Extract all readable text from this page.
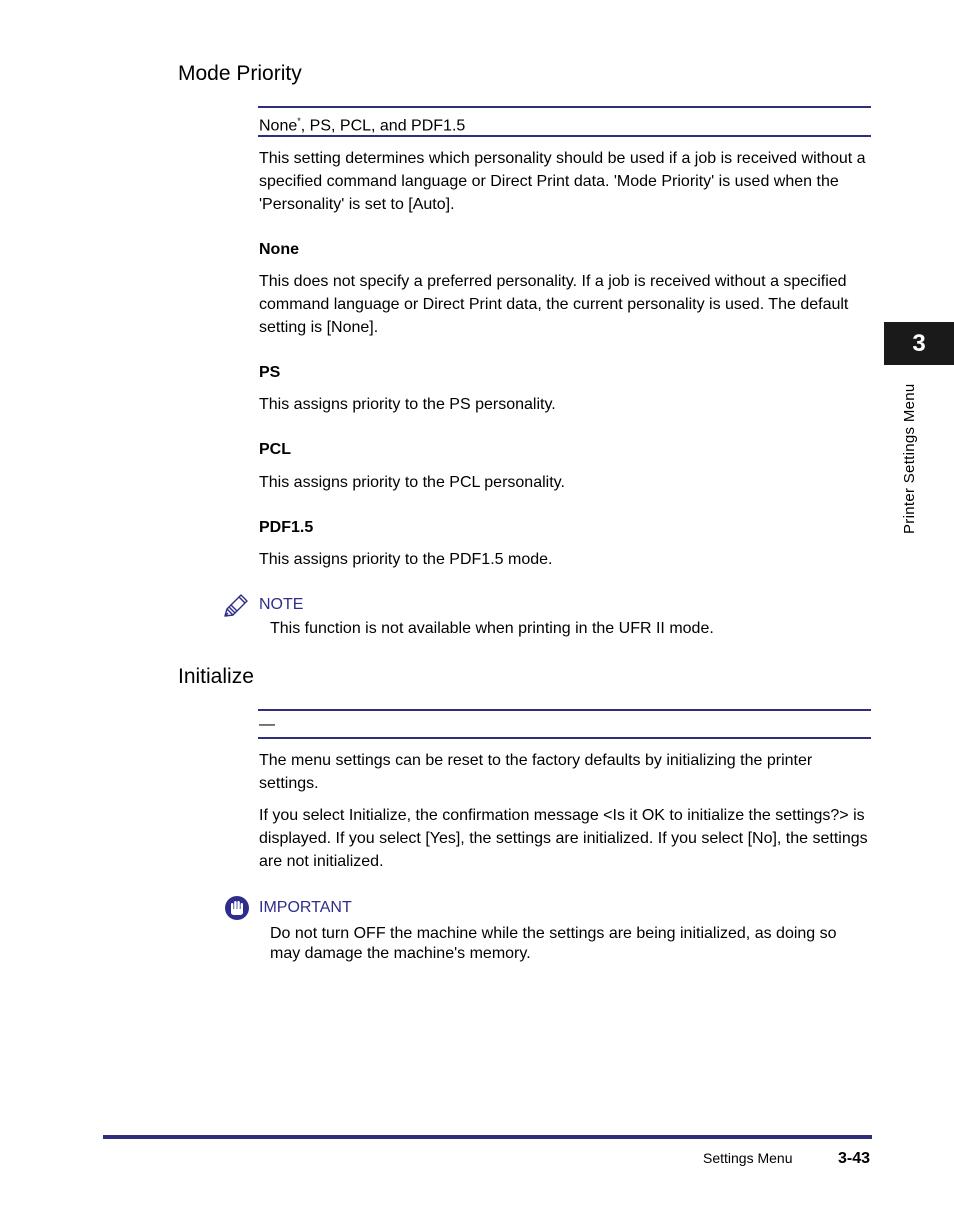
Mode Priority
None*, PS, PCL, and PDF1.5
This setting determines which personality should be used if a job is received without a specified command language or Direct Print data. 'Mode Priority' is used when the 'Personality' is set to [Auto].
None
This does not specify a preferred personality. If a job is received without a specified command language or Direct Print data, the current personality is used. The default setting is [None].
PS
This assigns priority to the PS personality.
PCL
This assigns priority to the PCL personality.
PDF1.5
This assigns priority to the PDF1.5 mode.
NOTE
This function is not available when printing in the UFR II mode.
Initialize
—
The menu settings can be reset to the factory defaults by initializing the printer settings.
If you select Initialize, the confirmation message <Is it OK to initialize the settings?> is displayed. If you select [Yes], the settings are initialized. If you select [No], the settings are not initialized.
IMPORTANT
Do not turn OFF the machine while the settings are being initialized, as doing so may damage the machine's memory.
3
Printer Settings Menu
Settings Menu	3-43
